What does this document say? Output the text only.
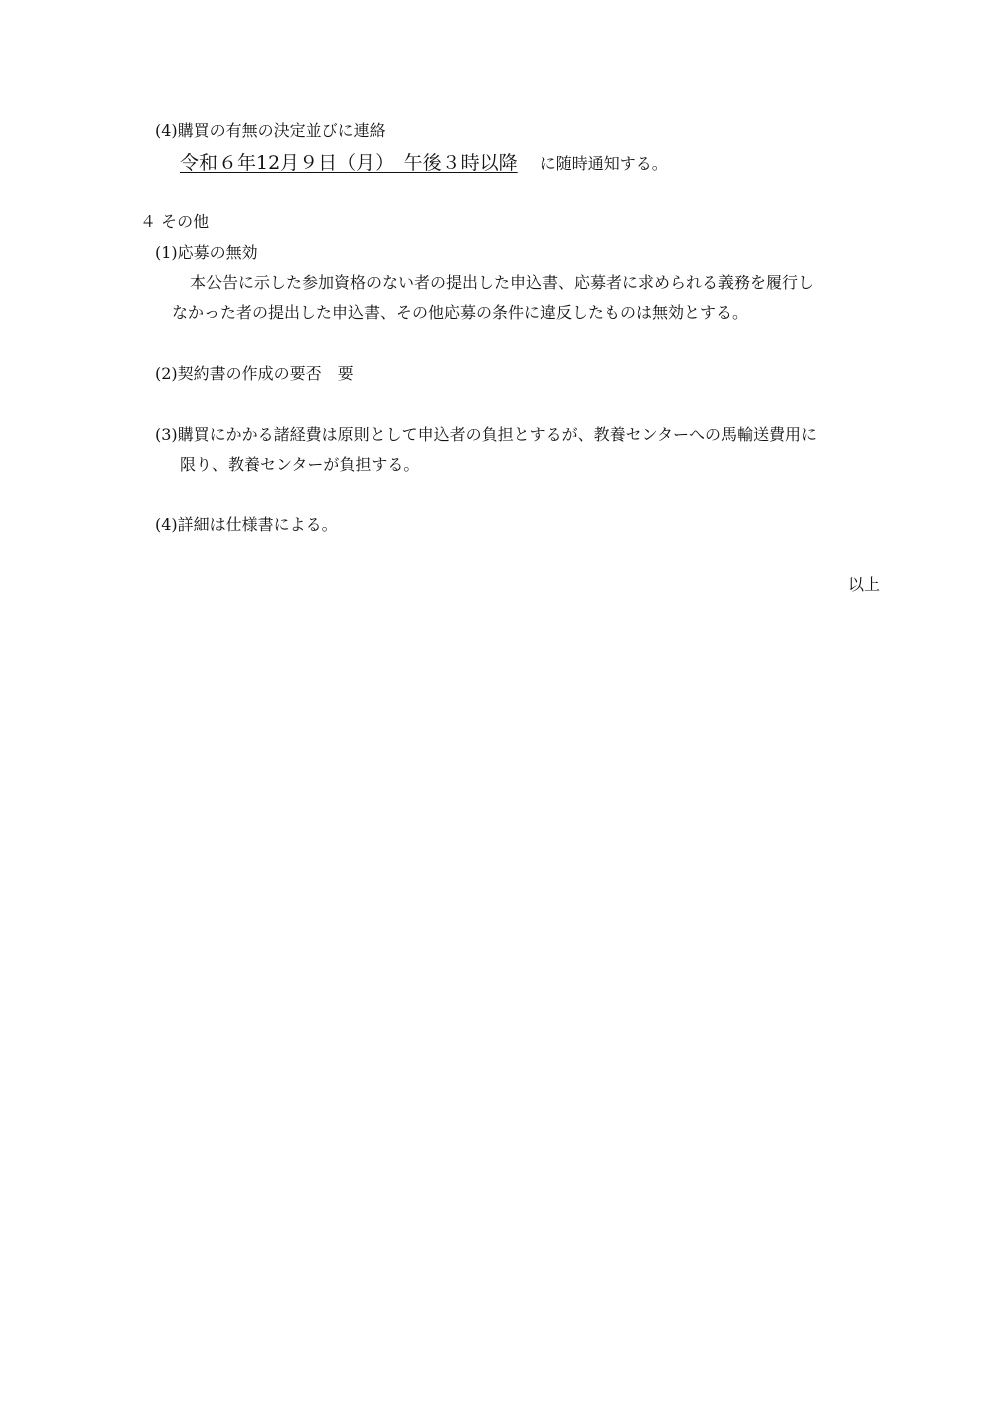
(4)購買の有無の決定並びに連絡
令和６年12月９日（月）　午後３時以降 に随時通知する。
４ その他
(1)応募の無効
本公告に示した参加資格のない者の提出した申込書、応募者に求められる義務を履行し
なかった者の提出した申込書、その他応募の条件に違反したものは無効とする。
(2)契約書の作成の要否　要
(3)購買にかかる諸経費は原則として申込者の負担とするが、教養センターへの馬輸送費用に
限り、教養センターが負担する。
(4)詳細は仕様書による。
以上
